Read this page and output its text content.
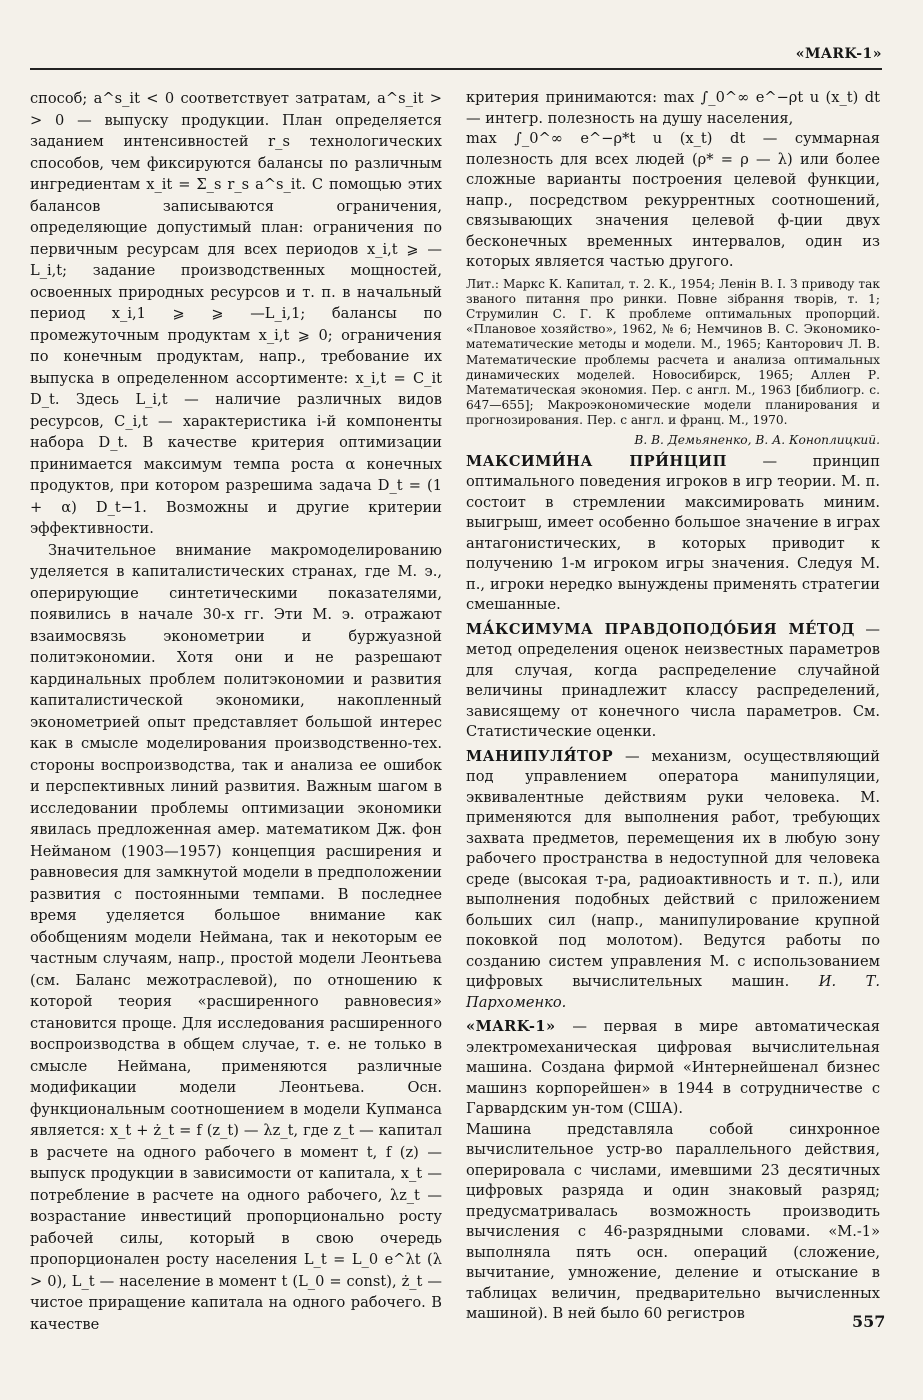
«MARK-1»

способ; a^s_it < 0 соответствует затратам, a^s_it > > 0 — выпуску продукции. План определяется заданием интенсивностей r_s технологических способов, чем фиксируются балансы по различным ингредиентам x_it = Σ_s r_s a^s_it. С помощью этих балансов записываются ограничения, определяющие допустимый план: ограничения по первичным ресурсам для всех периодов x_i,t ⩾ — L_i,t; задание производственных мощностей, освоенных природных ресурсов и т. п. в начальный период x_i,1 ⩾ ⩾ —L_i,1; балансы по промежуточным продуктам x_i,t ⩾ 0; ограничения по конечным продуктам, напр., требование их выпуска в определенном ассортименте: x_i,t = C_it D_t. Здесь L_i,t — наличие различных видов ресурсов, C_i,t — характеристика i-й компоненты набора D_t. В качестве критерия оптимизации принимается максимум темпа роста α конечных продуктов, при котором разрешима задача D_t = (1 + α) D_t−1. Возможны и другие критерии эффективности.

Значительное внимание макромоделированию уделяется в капиталистических странах, где М. э., оперирующие синтетическими показателями, появились в начале 30-х гг. Эти М. э. отражают взаимосвязь эконометрии и буржуазной политэкономии. Хотя они и не разрешают кардинальных проблем политэкономии и развития капиталистической экономики, накопленный эконометрией опыт представляет большой интерес как в смысле моделирования производственно-тех. стороны воспроизводства, так и анализа ее ошибок и перспективных линий развития. Важным шагом в исследовании проблемы оптимизации экономики явилась предложенная амер. математиком Дж. фон Нейманом (1903—1957) концепция расширения и равновесия для замкнутой модели в предположении развития с постоянными темпами. В последнее время уделяется большое внимание как обобщениям модели Неймана, так и некоторым ее частным случаям, напр., простой модели Леонтьева (см. Баланс межотраслевой), по отношению к которой теория «расширенного равновесия» становится проще. Для исследования расширенного воспроизводства в общем случае, т. е. не только в смысле Неймана, применяются различные модификации модели Леонтьева. Осн. функциональным соотношением в модели Купманса является: x_t + ż_t = f (z_t) — λz_t, где z_t — капитал в расчете на одного рабочего в момент t, f (z) — выпуск продукции в зависимости от капитала, x_t — потребление в расчете на одного рабочего, λz_t — возрастание инвестиций пропорционально росту рабочей силы, который в свою очередь пропорционален росту населения L_t = L_0 e^λt (λ > 0), L_t — население в момент t (L_0 = const), ż_t — чистое приращение капитала на одного рабочего. В качестве

критерия принимаются: max ∫_0^∞ e^−ρt u (x_t) dt— интегр. полезность на душу населения,

max ∫_0^∞ e^−ρ*t u (x_t) dt — суммарная полезность для всех людей (ρ* = ρ — λ) или более сложные варианты построения целевой функции, напр., посредством рекуррентных соотношений, связывающих значения целевой ф-ции двух бесконечных временных интервалов, один из которых является частью другого.

Лит.: Маркс К. Капитал, т. 2. К., 1954; Ленін В. І. З приводу так званого питання про ринки. Повне зібрання творів, т. 1; Струмилин С. Г. К проблеме оптимальных пропорций. «Плановое хозяйство», 1962, № 6; Немчинов В. С. Экономико-математические методы и модели. М., 1965; Канторович Л. В. Математические проблемы расчета и анализа оптимальных динамических моделей. Новосибирск, 1965; Аллен Р. Математическая экономия. Пер. с англ. М., 1963 [библиогр. с. 647—655]; Макроэкономические модели планирования и прогнозирования. Пер. с англ. и франц. М., 1970.

В. В. Демьяненко, В. А. Коноплицкий.

МАКСИМИ́НА ПРИ́НЦИП — принцип оптимального поведения игроков в игр теории. М. п. состоит в стремлении максимировать миним. выигрыш, имеет особенно большое значение в играх антагонистических, в которых приводит к получению 1-м игроком игры значения. Следуя М. п., игроки нередко вынуждены применять стратегии смешанные.

МА́КСИМУМА ПРАВДОПОДО́БИЯ МЕ́ТОД — метод определения оценок неизвестных параметров для случая, когда распределение случайной величины принадлежит классу распределений, зависящему от конечного числа параметров. См. Статистические оценки.

МАНИПУЛЯ́ТОР — механизм, осуществляющий под управлением оператора манипуляции, эквивалентные действиям руки человека. М. применяются для выполнения работ, требующих захвата предметов, перемещения их в любую зону рабочего пространства в недоступной для человека среде (высокая т-ра, радиоактивность и т. п.), или выполнения подобных действий с приложением больших сил (напр., манипулирование крупной поковкой под молотом). Ведутся работы по созданию систем управления М. с использованием цифровых вычислительных машин. И. Т. Пархоменко.

«MARK-1» — первая в мире автоматическая электромеханическая цифровая вычислительная машина. Создана фирмой «Интернейшенал бизнес машинз корпорейшен» в 1944 в сотрудничестве с Гарвардским ун-том (США).

Машина представляла собой синхронное вычислительное устр-во параллельного действия, оперировала с числами, имевшими 23 десятичных цифровых разряда и один знаковый разряд; предусматривалась возможность производить вычисления с 46-разрядными словами. «М.-1» выполняла пять осн. операций (сложение, вычитание, умножение, деление и отыскание в таблицах величин, предварительно вычисленных машиной). В ней было 60 регистров	557
